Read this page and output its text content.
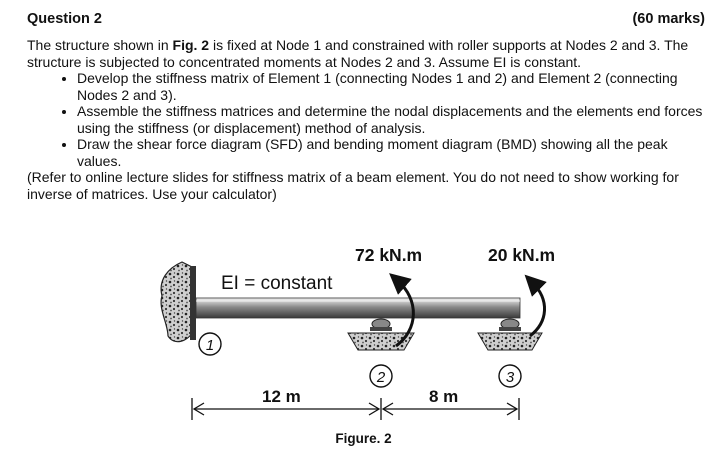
Question 2	(60 marks)

The structure shown in Fig. 2 is fixed at Node 1 and constrained with roller supports at Nodes 2 and 3. The structure is subjected to concentrated moments at Nodes 2 and 3. Assume EI is constant.

• Develop the stiffness matrix of Element 1 (connecting Nodes 1 and 2) and Element 2 (connecting Nodes 2 and 3).
• Assemble the stiffness matrices and determine the nodal displacements and the elements end forces using the stiffness (or displacement) method of analysis.
• Draw the shear force diagram (SFD) and bending moment diagram (BMD) showing all the peak values.

(Refer to online lecture slides for stiffness matrix of a beam element. You do not need to show working for inverse of matrices. Use your calculator)

EI = constant
72 kN.m	20 kN.m
1
2	3
12 m	8 m
Figure. 2
